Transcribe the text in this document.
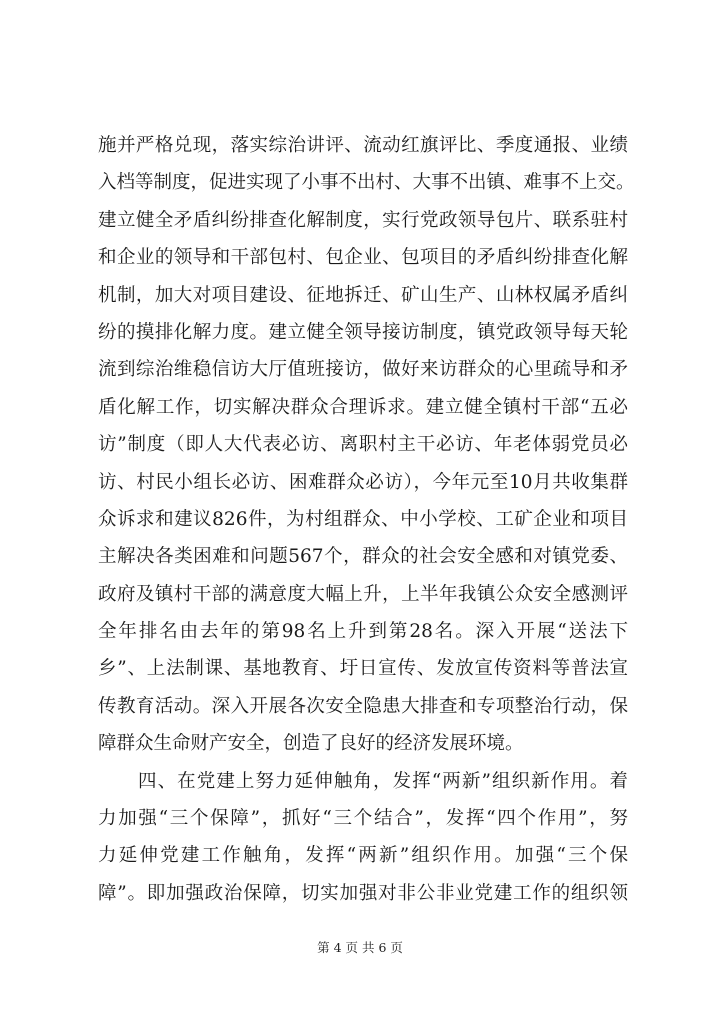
施并严格兑现，落实综治讲评、流动红旗评比、季度通报、业绩
入档等制度，促进实现了小事不出村、大事不出镇、难事不上交。
建立健全矛盾纠纷排查化解制度，实行党政领导包片、联系驻村
和企业的领导和干部包村、包企业、包项目的矛盾纠纷排查化解
机制，加大对项目建设、征地拆迁、矿山生产、山林权属矛盾纠
纷的摸排化解力度。建立健全领导接访制度，镇党政领导每天轮
流到综治维稳信访大厅值班接访，做好来访群众的心里疏导和矛
盾化解工作，切实解决群众合理诉求。建立健全镇村干部“五必
访”制度（即人大代表必访、离职村主干必访、年老体弱党员必
访、村民小组长必访、困难群众必访），今年元至10月共收集群
众诉求和建议826件，为村组群众、中小学校、工矿企业和项目
主解决各类困难和问题567个，群众的社会安全感和对镇党委、
政府及镇村干部的满意度大幅上升，上半年我镇公众安全感测评
全年排名由去年的第98名上升到第28名。深入开展“送法下
乡”、上法制课、基地教育、圩日宣传、发放宣传资料等普法宣
传教育活动。深入开展各次安全隐患大排查和专项整治行动，保
障群众生命财产安全，创造了良好的经济发展环境。
四、在党建上努力延伸触角，发挥“两新”组织新作用。着
力加强“三个保障”，抓好“三个结合”，发挥“四个作用”，努
力延伸党建工作触角，发挥“两新”组织作用。加强“三个保
障”。即加强政治保障，切实加强对非公非业党建工作的组织领
第 4 页 共 6 页
